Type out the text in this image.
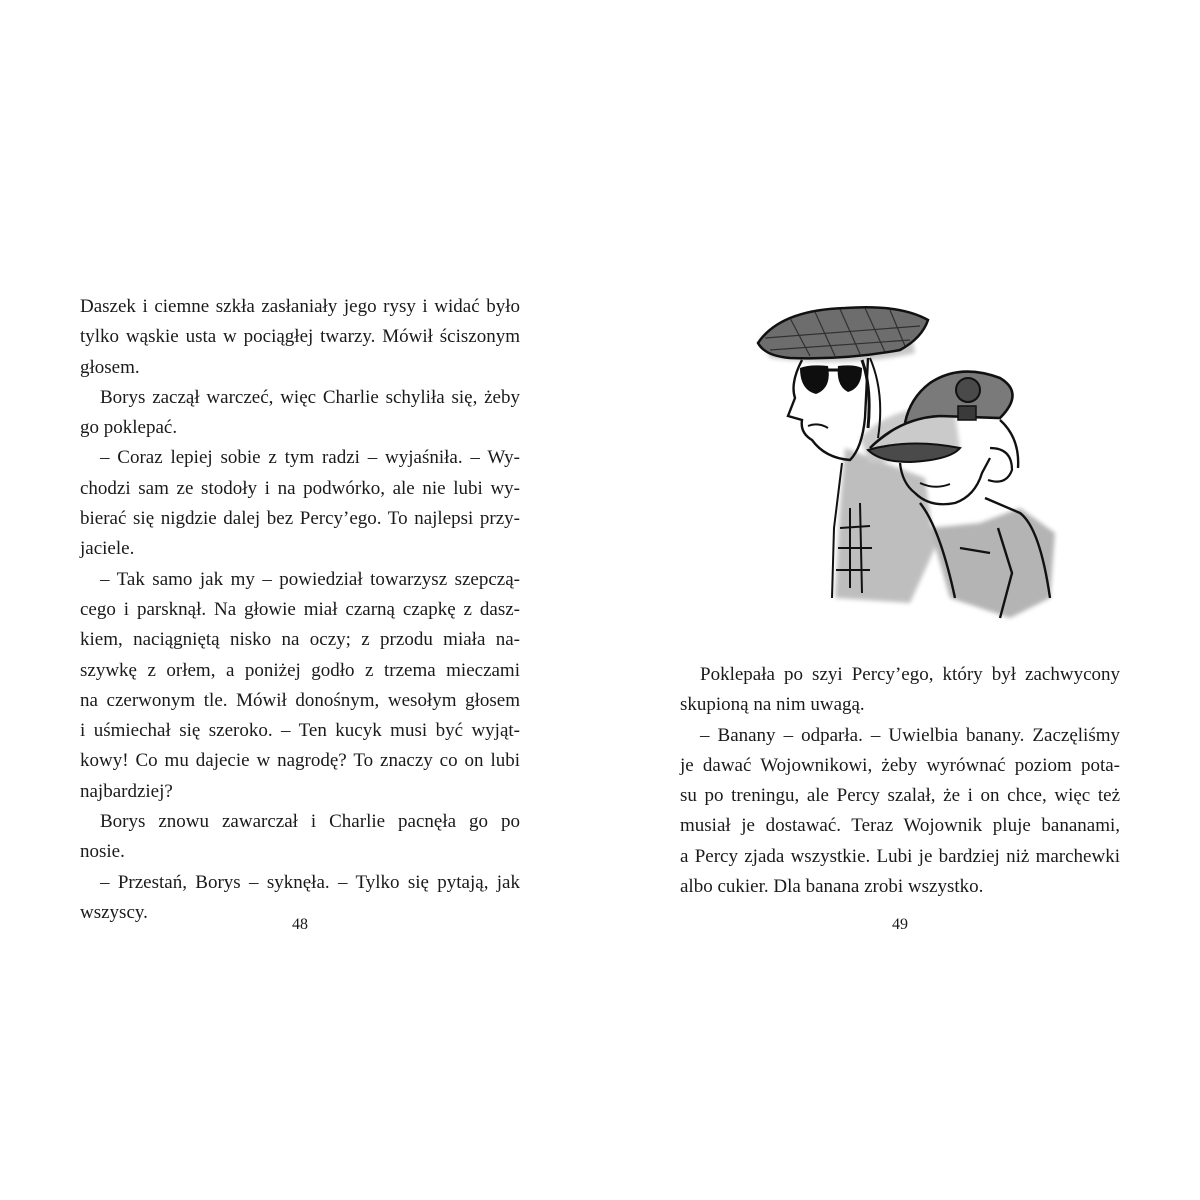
Daszek i ciemne szkła zasłaniały jego rysy i widać było
tylko wąskie usta w pociągłej twarzy. Mówił ściszonym
głosem.
Borys zaczął warczeć, więc Charlie schyliła się, żeby
go poklepać.
– Coraz lepiej sobie z tym radzi – wyjaśniła. – Wy-
chodzi sam ze stodoły i na podwórko, ale nie lubi wy-
bierać się nigdzie dalej bez Percy’ego. To najlepsi przy-
jaciele.
– Tak samo jak my – powiedział towarzysz szepczą-
cego i parsknął. Na głowie miał czarną czapkę z dasz-
kiem, naciągniętą nisko na oczy; z przodu miała na-
szywkę z orłem, a poniżej godło z trzema mieczami
na czerwonym tle. Mówił donośnym, wesołym głosem
i uśmiechał się szeroko. – Ten kucyk musi być wyjąt-
kowy! Co mu dajecie w nagrodę? To znaczy co on lubi
najbardziej?
Borys znowu zawarczał i Charlie pacnęła go po
nosie.
– Przestań, Borys – syknęła. – Tylko się pytają, jak
wszyscy.
48
Poklepała po szyi Percy’ego, który był zachwycony
skupioną na nim uwagą.
– Banany – odparła. – Uwielbia banany. Zaczęliśmy
je dawać Wojownikowi, żeby wyrównać poziom pota-
su po treningu, ale Percy szalał, że i on chce, więc też
musiał je dostawać. Teraz Wojownik pluje bananami,
a Percy zjada wszystkie. Lubi je bardziej niż marchewki
albo cukier. Dla banana zrobi wszystko.
49
